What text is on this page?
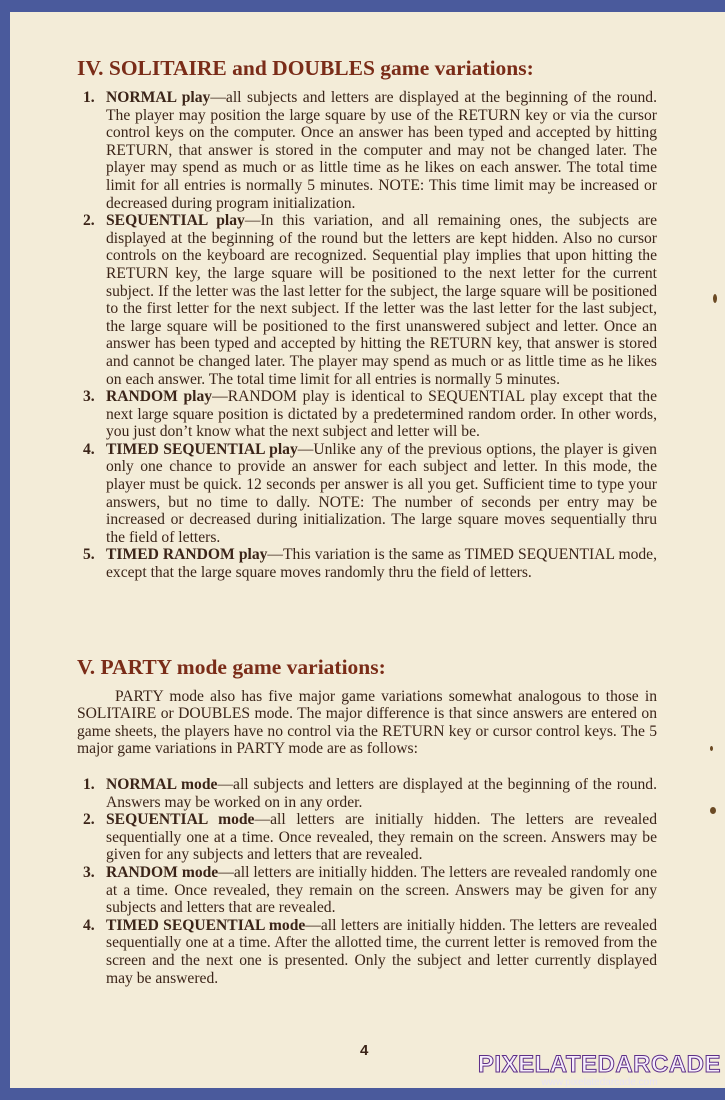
IV. SOLITAIRE and DOUBLES game variations:
1. NORMAL play—all subjects and letters are displayed at the beginning of the round. The player may position the large square by use of the RETURN key or via the cursor control keys on the computer. Once an answer has been typed and accepted by hitting RETURN, that answer is stored in the computer and may not be changed later. The player may spend as much or as little time as he likes on each answer. The total time limit for all entries is normally 5 minutes. NOTE: This time limit may be increased or decreased during program initialization.
2. SEQUENTIAL play—In this variation, and all remaining ones, the subjects are displayed at the beginning of the round but the letters are kept hidden. Also no cursor controls on the keyboard are recognized. Sequential play implies that upon hitting the RETURN key, the large square will be positioned to the next letter for the current subject. If the letter was the last letter for the subject, the large square will be positioned to the first letter for the next subject. If the letter was the last letter for the last subject, the large square will be positioned to the first unanswered subject and letter. Once an answer has been typed and accepted by hitting the RETURN key, that answer is stored and cannot be changed later. The player may spend as much or as little time as he likes on each answer. The total time limit for all entries is normally 5 minutes.
3. RANDOM play—RANDOM play is identical to SEQUENTIAL play except that the next large square position is dictated by a predetermined random order. In other words, you just don’t know what the next subject and letter will be.
4. TIMED SEQUENTIAL play—Unlike any of the previous options, the player is given only one chance to provide an answer for each subject and letter. In this mode, the player must be quick. 12 seconds per answer is all you get. Sufficient time to type your answers, but no time to dally. NOTE: The number of seconds per entry may be increased or decreased during initialization. The large square moves sequentially thru the field of letters.
5. TIMED RANDOM play—This variation is the same as TIMED SEQUENTIAL mode, except that the large square moves randomly thru the field of letters.
V. PARTY mode game variations:

PARTY mode also has five major game variations somewhat analogous to those in SOLITAIRE or DOUBLES mode. The major difference is that since answers are entered on game sheets, the players have no control via the RETURN key or cursor control keys. The 5 major game variations in PARTY mode are as follows:

1. NORMAL mode—all subjects and letters are displayed at the beginning of the round. Answers may be worked on in any order.
2. SEQUENTIAL mode—all letters are initially hidden. The letters are revealed sequentially one at a time. Once revealed, they remain on the screen. Answers may be given for any subjects and letters that are revealed.
3. RANDOM mode—all letters are initially hidden. The letters are revealed randomly one at a time. Once revealed, they remain on the screen. Answers may be given for any subjects and letters that are revealed.
4. TIMED SEQUENTIAL mode—all letters are initially hidden. The letters are revealed sequentially one at a time. After the allotted time, the current letter is removed from the screen and the next one is presented. Only the subject and letter currently displayed may be answered.
4
PIXELATEDARCADE
www.pixelatedarcade.com
